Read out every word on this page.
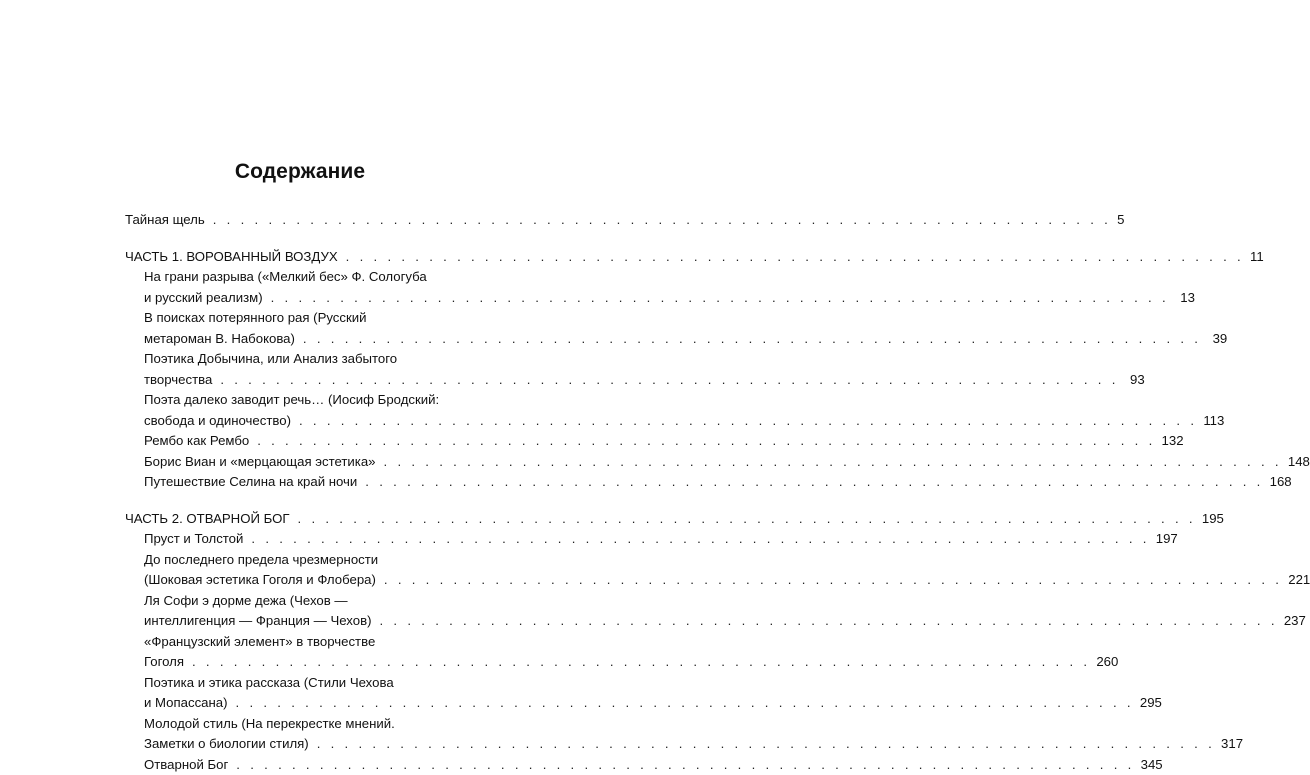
Содержание
Тайная щель . . . . . . . . . . . . . . . . . . . . . . . . . . . . . . . . . . . . . . . . . . . . . . . . . . . . . . . . . . . . . . . . . 5
ЧАСТЬ 1. ВОРОВАННЫЙ ВОЗДУХ . . . . . . . . . . . . . . . . . . . . . . . . . . . . . . . . . . . . . . . . . . . . . . . . . . . . . . . . . . . . . . . . . 11
На грани разрыва («Мелкий бес» Ф. Сологуба
и русский реализм) . . . . . . . . . . . . . . . . . . . . . . . . . . . . . . . . . . . . . . . . . . . . . . . . . . . . . . . . . . . . . . . . . 13
В поисках потерянного рая (Русский
метароман В. Набокова) . . . . . . . . . . . . . . . . . . . . . . . . . . . . . . . . . . . . . . . . . . . . . . . . . . . . . . . . . . . . . . . . . 39
Поэтика Добычина, или Анализ забытого
творчества . . . . . . . . . . . . . . . . . . . . . . . . . . . . . . . . . . . . . . . . . . . . . . . . . . . . . . . . . . . . . . . . . 93
Поэта далеко заводит речь… (Иосиф Бродский:
свобода и одиночество) . . . . . . . . . . . . . . . . . . . . . . . . . . . . . . . . . . . . . . . . . . . . . . . . . . . . . . . . . . . . . . . . . 113
Рембо как Рембо . . . . . . . . . . . . . . . . . . . . . . . . . . . . . . . . . . . . . . . . . . . . . . . . . . . . . . . . . . . . . . . . . 132
Борис Виан и «мерцающая эстетика» . . . . . . . . . . . . . . . . . . . . . . . . . . . . . . . . . . . . . . . . . . . . . . . . . . . . . . . . . . . . . . . . . 148
Путешествие Селина на край ночи . . . . . . . . . . . . . . . . . . . . . . . . . . . . . . . . . . . . . . . . . . . . . . . . . . . . . . . . . . . . . . . . . 168
ЧАСТЬ 2. ОТВАРНОЙ БОГ . . . . . . . . . . . . . . . . . . . . . . . . . . . . . . . . . . . . . . . . . . . . . . . . . . . . . . . . . . . . . . . . . 195
Пруст и Толстой . . . . . . . . . . . . . . . . . . . . . . . . . . . . . . . . . . . . . . . . . . . . . . . . . . . . . . . . . . . . . . . . . 197
До последнего предела чрезмерности
(Шоковая эстетика Гоголя и Флобера) . . . . . . . . . . . . . . . . . . . . . . . . . . . . . . . . . . . . . . . . . . . . . . . . . . . . . . . . . . . . . . . . . 221
Ля Софи э дорме дежа (Чехов —
интеллигенция — Франция — Чехов) . . . . . . . . . . . . . . . . . . . . . . . . . . . . . . . . . . . . . . . . . . . . . . . . . . . . . . . . . . . . . . . . . 237
«Французский элемент» в творчестве
Гоголя . . . . . . . . . . . . . . . . . . . . . . . . . . . . . . . . . . . . . . . . . . . . . . . . . . . . . . . . . . . . . . . . . 260
Поэтика и этика рассказа (Стили Чехова
и Мопассана) . . . . . . . . . . . . . . . . . . . . . . . . . . . . . . . . . . . . . . . . . . . . . . . . . . . . . . . . . . . . . . . . . 295
Молодой стиль (На перекрестке мнений.
Заметки о биологии стиля) . . . . . . . . . . . . . . . . . . . . . . . . . . . . . . . . . . . . . . . . . . . . . . . . . . . . . . . . . . . . . . . . . 317
Отварной Бог . . . . . . . . . . . . . . . . . . . . . . . . . . . . . . . . . . . . . . . . . . . . . . . . . . . . . . . . . . . . . . . . . 345
